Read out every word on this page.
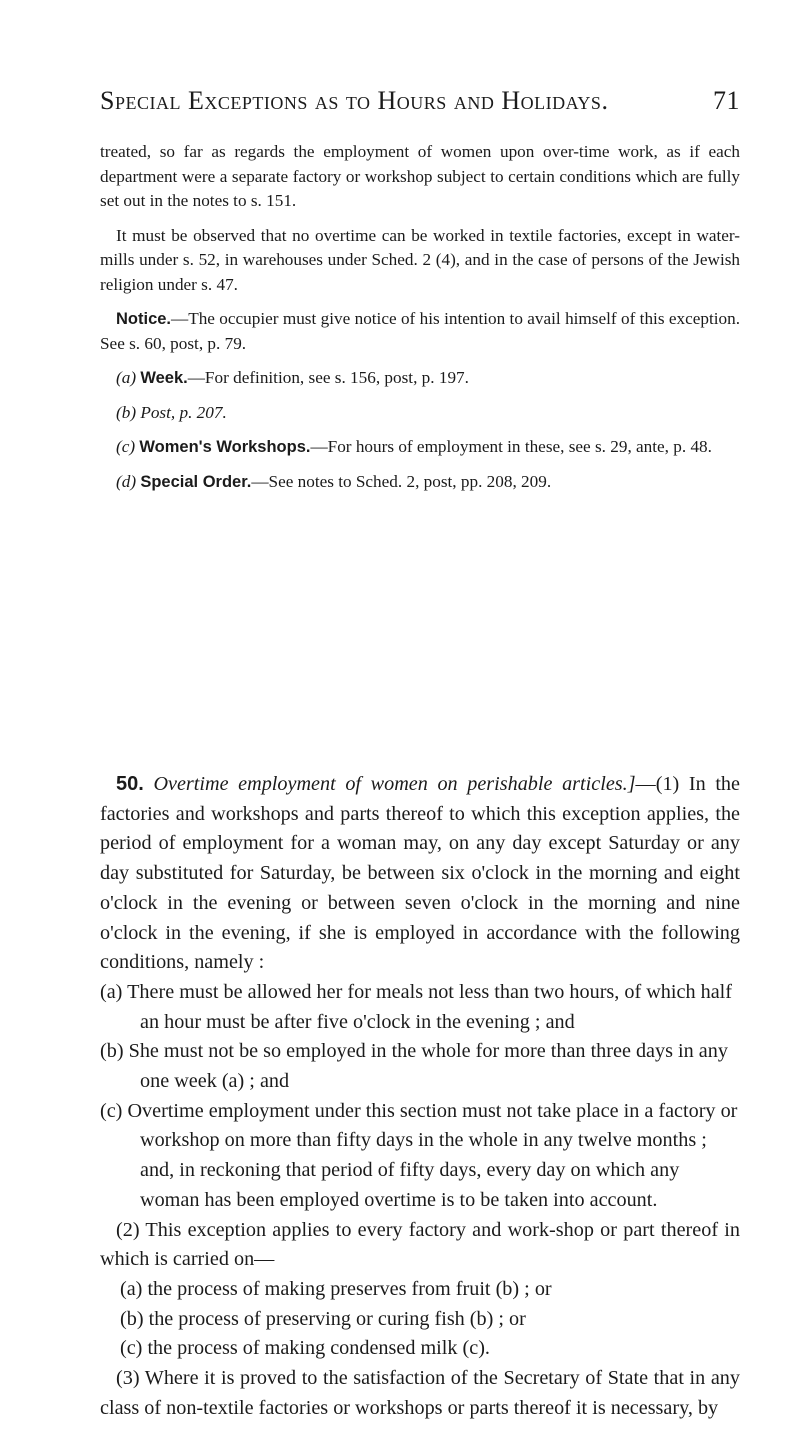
Special Exceptions as to Hours and Holidays.	71

treated, so far as regards the employment of women upon over-time work, as if each department were a separate factory or workshop subject to certain conditions which are fully set out in the notes to s. 151.

It must be observed that no overtime can be worked in textile factories, except in water-mills under s. 52, in warehouses under Sched. 2 (4), and in the case of persons of the Jewish religion under s. 47.

Notice.—The occupier must give notice of his intention to avail himself of this exception. See s. 60, post, p. 79.

(a) Week.—For definition, see s. 156, post, p. 197.

(b) Post, p. 207.

(c) Women's Workshops.—For hours of employment in these, see s. 29, ante, p. 48.

(d) Special Order.—See notes to Sched. 2, post, pp. 208, 209.

50. Overtime employment of women on perishable articles.]—(1) In the factories and workshops and parts thereof to which this exception applies, the period of employment for a woman may, on any day except Saturday or any day substituted for Saturday, be between six o'clock in the morning and eight o'clock in the evening or between seven o'clock in the morning and nine o'clock in the evening, if she is employed in accordance with the following conditions, namely :

(a) There must be allowed her for meals not less than two hours, of which half an hour must be after five o'clock in the evening ; and

(b) She must not be so employed in the whole for more than three days in any one week (a) ; and

(c) Overtime employment under this section must not take place in a factory or workshop on more than fifty days in the whole in any twelve months ; and, in reckoning that period of fifty days, every day on which any woman has been employed overtime is to be taken into account.

(2) This exception applies to every factory and work-shop or part thereof in which is carried on—

(a) the process of making preserves from fruit (b) ; or

(b) the process of preserving or curing fish (b) ; or

(c) the process of making condensed milk (c).

(3) Where it is proved to the satisfaction of the Secretary of State that in any class of non-textile factories or workshops or parts thereof it is necessary, by
